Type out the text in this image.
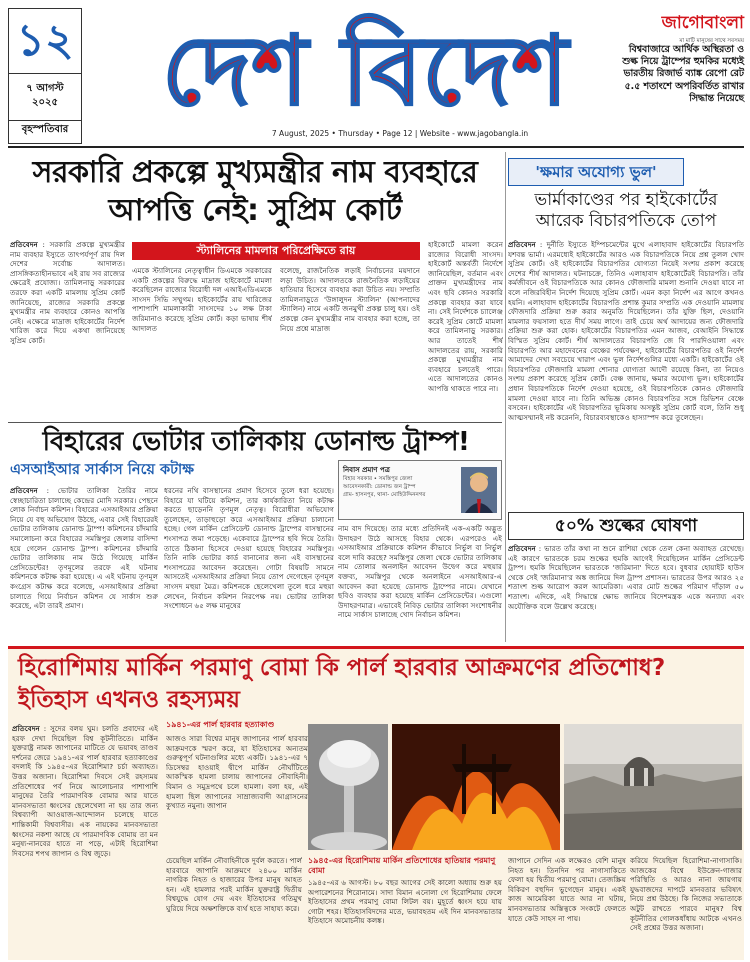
১২
৭ আগস্ট
২০২৫
বৃহস্পতিবার
দেশ বিদেশ
7 August, 2025 • Thursday • Page 12 | Website - www.jagobangla.in
জাগোবাংলা
মা মাটি মানুষের সাথে সবসময়
বিশ্ববাজারে আর্থিক অস্থিরতা ও শুল্ক নিয়ে ট্রাম্পের হুমকির মধ্যেই ভারতীয় রিজার্ভ ব্যাঙ্ক রেপো রেট ৫.৫ শতাংশে অপরিবর্তিত রাখার সিদ্ধান্ত নিয়েছে
সরকারি প্রকল্পে মুখ্যমন্ত্রীর নাম ব্যবহারে আপত্তি নেই: সুপ্রিম কোর্ট
প্রতিবেদন : সরকারি প্রকল্পে মুখ্যমন্ত্রীর নাম ব্যবহার ইস্যুতে তাৎপর্যপূর্ণ রায় দিল দেশের সর্বোচ্চ আদালত। প্রাসঙ্গিকতাহীনভাবে এই রায় সব রাজ্যের ক্ষেত্রেই প্রযোজ্য। তামিলনাড়ু সরকারের তরফে করা একটি মামলায় সুপ্রিম কোর্ট জানিয়েছে, রাজ্যের সরকারি প্রকল্পে মুখ্যমন্ত্রীর নাম ব্যবহারে কোনও আপত্তি নেই। এক্ষেত্রে মাদ্রাজ হাইকোর্টের নির্দেশ খারিজ করে দিয়ে একথা জানিয়েছে সুপ্রিম কোর্ট।
স্ট্যালিনের মামলার পরিপ্রেক্ষিতে রায়
এমকে স্ট্যালিনের নেতৃত্বাধীন ডিএমকে সরকারের একটি প্রকল্পের বিরুদ্ধে মাদ্রাজ হাইকোর্টে মামলা করেছিলেন রাজ্যের বিরোধী দল এআইএডিএমকে সাংসদ সিভি সম্মুগম। হাইকোর্টের রায় খারিজের পাশাপাশি মামলাকারী সাংসদের ১০ লক্ষ টাকা জরিমানাও করেছে সুপ্রিম কোর্ট। কড়া ভাষায় শীর্ষ আদালত
বলেছে, রাজনৈতিক লড়াই নির্বাচনের ময়দানে লড়া উচিত। আদালতকে রাজনৈতিক লড়াইয়ের হাতিয়ার হিসেবে ব্যবহার করা উচিত নয়। সম্প্রতি তামিলনাড়ুতে 'উঙ্গালুদন স্ট্যালিন' (আপনাদের স্ট্যালিন) নামে একটি জনমুখী প্রকল্প চালু হয়। ওই প্রকল্পে কেন মুখ্যমন্ত্রীর নাম ব্যবহার করা হচ্ছে, তা নিয়ে প্রশ্নে মাদ্রাজ
হাইকোর্টে মামলা করেন রাজ্যের বিরোধী সাংসদ। হাইকোর্ট অন্তর্বর্তী নির্দেশে জানিয়েছিল, বর্তমান এবং প্রাক্তন মুখ্যমন্ত্রীদের নাম এবং ছবি কোনও সরকারি প্রকল্পে ব্যবহার করা যাবে না। সেই নির্দেশকে চ্যালেঞ্জ করেই সুপ্রিম কোর্টে মামলা করে তামিলনাড়ু সরকার। আর তাতেই শীর্ষ আদালতের রায়, সরকারি প্রকল্পে মুখ্যমন্ত্রীর নাম ব্যবহারে চলতেই পারে। এতে আদালতের কোনও আপত্তি থাকতে পারে না।
'ক্ষমার অযোগ্য ভুল'
ভার্মাকাণ্ডের পর হাইকোর্টের আরেক বিচারপতিকে তোপ
প্রতিবেদন : দুর্নীতি ইস্যুতে ইম্পিচমেন্টের মুখে এলাহাবাদ হাইকোর্টের বিচারপতি যশবন্ত ভার্মা। এরমধ্যেই হাইকোর্টের আরও এক বিচারপতিকে নিয়ে প্রশ্ন তুলল খোদ সুপ্রিম কোর্ট। ওই হাইকোর্টের বিচারপতির যোগ্যতা নিয়েই সংশয় প্রকাশ করেছে দেশের শীর্ষ আদালত। ঘটনাচক্রে, তিনিও এলাহাবাদ হাইকোর্টেরই বিচারপতি। তাঁর কর্মজীবনে ওই বিচারপতিকে আর কোনও ফৌজদারি মামলা শুনানি দেওয়া যাবে না বলে নজিরবিহীন নির্দেশ দিয়েছে সুপ্রিম কোর্ট। এমন কড়া নির্দেশ এর আগে কখনও হয়নি। এলাহাবাদ হাইকোর্টের বিচারপতি প্রশান্ত কুমার সম্প্রতি এক দেওয়ানি মামলায় ফৌজদারি প্রক্রিয়া শুরু করার অনুমতি দিয়েছিলেন। তাঁর যুক্তি ছিল, দেওয়ানি মামলার ফয়সালা হতে দীর্ঘ সময় লাগে। তাই চেয়ে অর্থ আদায়ের জন্য ফৌজদারি প্রক্রিয়া শুরু করা হোক। হাইকোর্টের বিচারপতির এমন আজব, বেআইনি সিদ্ধান্তে বিস্মিত সুপ্রিম কোর্ট। শীর্ষ আদালতের বিচারপতি জে বি পারদিওয়ালা এবং বিচারপতি আর মহাদেবনের বেঞ্চের পর্যবেক্ষণ, হাইকোর্টের বিচারপতির ওই নির্দেশ আমাদের দেখা সবচেয়ে খারাপ এবং ভুল নির্দেশগুলির মধ্যে একটি। হাইকোর্টের ওই বিচারপতির ফৌজদারি মামলা শোনার যোগ্যতা আদৌ রয়েছে কিনা, তা নিয়েও সংশয় প্রকাশ করেছে সুপ্রিম কোর্ট। বেঞ্চ জানায়, ক্ষমার অযোগ্য ভুল। হাইকোর্টের প্রধান বিচারপতিকে নির্দেশ দেওয়া হয়েছে, ওই বিচারপতিকে কোনও ফৌজদারি মামলা দেওয়া যাবে না। তিনি অভিজ্ঞ কোনও বিচারপতির সঙ্গে ডিভিশন বেঞ্চে বসবেন। হাইকোর্টের এই বিচারপতির ভূমিকায় অসন্তুষ্ট সুপ্রিম কোর্ট বলে, তিনি শুধু আত্মসম্মানই নষ্ট করেননি, বিচারব্যবস্থাকেও হাস্যাস্পদ করে তুলেছেন।
৫০% শুল্কের ঘোষণা
প্রতিবেদন : ভারত তাঁর কথা না শুনে রাশিয়া থেকে তেল কেনা অব্যাহত রেখেছে। এই কারণে ভারতকে চরম শুল্কের হুমকি আগেই দিয়েছিলেন মার্কিন প্রেসিডেন্ট ট্রাম্প। হুমকি দিয়েছিলেন ভারতকে 'জরিমানা' দিতে হবে। বুধবার হোয়াইট হাউস থেকে সেই 'জরিমানা'র অঙ্ক জানিয়ে দিল ট্রাম্প প্রশাসন। ভারতের উপর আরও ২৫ শতাংশ শুল্ক আরোপ করল আমেরিকা। এবার মোট শুল্কের পরিমাণ দাঁড়াল ৫০ শতাংশ। এদিকে, এই সিদ্ধান্তে ক্ষোভ জানিয়ে বিদেশমন্ত্রক একে অন্যায্য এবং অযৌক্তিক বলে উল্লেখ করেছে।
বিহারের ভোটার তালিকায় ডোনাল্ড ট্রাম্প!
এসআইআর সার্কাস নিয়ে কটাক্ষ
প্রতিবেদন : ভোটার তালিকা তৈরির নামে স্বেচ্ছাচারিতা চালাচ্ছে কেন্দ্রের মোদি সরকার। পেছনে লোক নির্বাচন কমিশন। বিহারের এসআইআর প্রক্রিয়া নিয়ে যে বহু অভিযোগ উঠছে, এবার সেই বিহারেরই ভোটার তালিকায় ডোনাল্ড ট্রাম্প! কমিশনের চাঁদমারি সমালোচনা করে বিহারের সমস্তিপুর জেলার বাসিন্দা হয়ে গেলেন ডোনাল্ড ট্রাম্প। কমিশনের চাঁদমারি ভোটার তালিকায় নাম উঠে গিয়েছে মার্কিন প্রেসিডেন্টের! তৃণমূলের তরফে এই ঘটনায় কমিশনকে কটাক্ষ করা হয়েছে। এ এই ঘটনায় তৃণমূল কংগ্রেস কটাক্ষ করে বলেছে, এসআইআর প্রক্রিয়া চালাতে গিয়ে নির্বাচন কমিশন যে সার্কাস শুরু করেছে, এটা তারই প্রমাণ।
ধরনের নথি বাসস্থানের প্রমাণ হিসেবে তুলে ধরা হয়েছে। বিহারে যা ঘটিয়ে কমিশন, তার কার্যকারিতা নিয়ে কটাক্ষ করতে ছাড়েননি তৃণমূল নেতৃত্ব। বিরোধীরা অভিযোগ তুলেছেন, তাড়াহুড়ো করে এসআইআর প্রক্রিয়া চালানো হচ্ছে। গেল মার্কিন প্রেসিডেন্ট ডোনাল্ড ট্রাম্পের বাসস্থানের শংসাপত্র জমা পড়েছে। একেবারে ট্রাম্পের ছবি দিয়ে তৈরি। তাতে ঠিকানা হিসেবে দেওয়া হয়েছে বিহারের সমস্তিপুর। তিনি নাকি ভোটার কার্ড বানানোর জন্য এই বাসস্থানের শংসাপত্রের আবেদন করেছেন। গোটা বিষয়টি সামনে আসতেই এসআইআর প্রক্রিয়া নিয়ে তোপ দেগেছেন তৃণমূল সাংসদ মহুয়া মৈত্র। কমিশনকে ছেলেখেলা তুলে ধরে মহুয়া লেখেন, নির্বাচন কমিশন নিরপেক্ষ নয়। ভোটার তালিকা সংশোধনে ৬৫ লক্ষ মানুষের
নিবাস প্রমাণ পত্র
বিহার সরকার • সমস্তিপুর জেলা
আবেদনকারী: ডোনাল্ড জন ট্রাম্প
গ্রাম- হাসনপুর, থানা- মোহিউদ্দিননগর
নাম বাদ দিয়েছে। তার মধ্যে প্রতিদিনই এক-একটি অদ্ভুত উদাহরণ উঠে আসছে বিহার থেকে। এরপরেও এই এসআইআর প্রক্রিয়াকে কমিশন কীভাবে নির্ভুল বা নির্ভুল বলে দাবি করছে? সমস্তিপুর জেলা থেকে ভোটার তালিকায় নাম তোলার অনলাইন আবেদন উদ্বেগ করে মহুয়ার বক্তব্য, সমস্তিপুর থেকে অনলাইনে এসআইআর-এ আবেদন করা হয়েছে ডোনাল্ড ট্রাম্পের নামে। যেখানে ছবিও ব্যবহার করা হয়েছে মার্কিন প্রেসিডেন্টের। এগুলো উদাহরণমাত্র। এভাবেই নিবিড় ভোটার তালিকা সংশোধনীর নামে সার্কাস চালাচ্ছে খোদ নির্বাচন কমিশন।
হিরোশিমায় মার্কিন পরমাণু বোমা কি পার্ল হারবার আক্রমণের প্রতিশোধ? ইতিহাস এখনও রহস্যময়
প্রতিবেদন : সুদের বলয় ঘুম। চলতি প্রবাদের এই হরফ দেখা দিয়েছিল বিশ্ব কূটনীতিতে। মার্কিন যুক্তরাষ্ট্র নামক জাপানের মাটিতে যে ভয়াবহ তাণ্ডব দর্শনের জেরে ১৯৪১-এর পার্ল হারবার হত্যাকাণ্ডের বদলাই কি ১৯৪৫-এর হিরোশিমা? চর্চা অব্যাহত। উত্তর অজানা। হিরোশিমা দিবসে সেই রহস্যময় প্রতিশোধের পর্ব নিয়ে আলোচনার পাশাপাশি মানুষের তৈরি পারমাণবিক বোমার আর যাতে মানবসভ্যতা ধ্বংসের ছেলেখেলা না হয় তার জন্য বিশ্বব্যাপী আওয়াজ-আন্দোলন চলেছে যাতে শান্তিকামী বিশ্ববাসীর। এক নায়কের মানবসভ্যতা ধ্বংসের নকশা আছে যে পারমাণবিক বোমায় তা মন মনুষ্য-নানবের হাতে না পড়ে, এটাই হিরোশিমা দিবসের শপথ জাপান ও বিশ্ব জুড়ে।
১৯৪১-এর পার্ল হারবার হত্যাকাণ্ড
আজও সারা বিশ্বের মানুষ জাপানের পার্ল হারবার আক্রমণকে স্মরণ করে, যা ইতিহাসের অন্যতম গুরুত্বপূর্ণ ঘটনাগুলির মধ্যে একটি। ১৯৪১-এর ৭ ডিসেম্বর হাওয়াই দ্বীপে মার্কিন নৌঘাঁটিতে আকস্মিক হামলা চালায় জাপানের নৌবাহিনী। বিমান ও সমুদ্রপথে চলে হামলা। বলা হয়, এই হামলা ছিল জাপানের সাম্রাজ্যবাদী আগ্রাসনের কুখ্যাত নমুনা। জাপান
চেয়েছিল মার্কিন নৌবাহিনীকে দুর্বল করতে। পার্ল হারবারে জাপানি আক্রমণে ২৪০০ মার্কিন নাগরিক নিহত ও হাজারের উপর মানুষ আহত হন। এই হামলার পরই মার্কিন যুক্তরাষ্ট্র দ্বিতীয় বিশ্বযুদ্ধে যোগ দেয় এবং ইতিহাসের গতিমুখ ঘুরিয়ে দিয়ে অক্ষশক্তিকে ব্যর্থ হতে সাহায্য করে।
১৯৪৫-এর হিরোশিমায় মার্কিন প্রতিশোধের হাতিয়ার পরমাণু বোমা
১৯৪৫-এর ৬ আগস্ট। ৮০ বছর আগের সেই কালো অধ্যায় শুরু হয় অপারেশনের শিরোনামে। সাদা বিমান এনোলা গে হিরোশিমায় ফেলে ইতিহাসের প্রথম পরমাণু বোমা লিটল বয়। মুহূর্তে ধ্বংস হয়ে যায় গোটা শহর। ইতিহাসবিদদের মতে, ভয়াবহতম এই দিন মানবসভ্যতার ইতিহাসে অমোচনীয় কলঙ্ক।
জাপানে সেদিন এক লক্ষেরও বেশি মানুষ নিহত হন। তিনদিন পর নাগাসাকিতে ফেলা হয় দ্বিতীয় পরমাণু বোমা। তেজস্ক্রিয় বিকিরণ বহুদিন ভুগেছেন মানুষ। একই কাজ আমেরিকা যাতে আর না ঘটায়, মানবসভ্যতার অস্তিত্বকে সংকটে ফেলতে যাতে কেউ সাহস না পায়।
করিয়ে দিয়েছিল হিরোশিমা-নাগাসাকি। আজকের বিশ্বে ইউক্রেন-গাজার পরিস্থিতি ও আরও নানা জায়গায় যুদ্ধবাজদের দাপটে মানবতার ভবিষ্যৎ নিয়ে প্রশ্ন উঠছে। কি নিজের সভ্যতাকে অটুট রাখতে পারবে মানুষ? বিশ্ব কূটনীতির গোলকধাঁধায় আটকে এখনও সেই প্রশ্নের উত্তর অজানা।
